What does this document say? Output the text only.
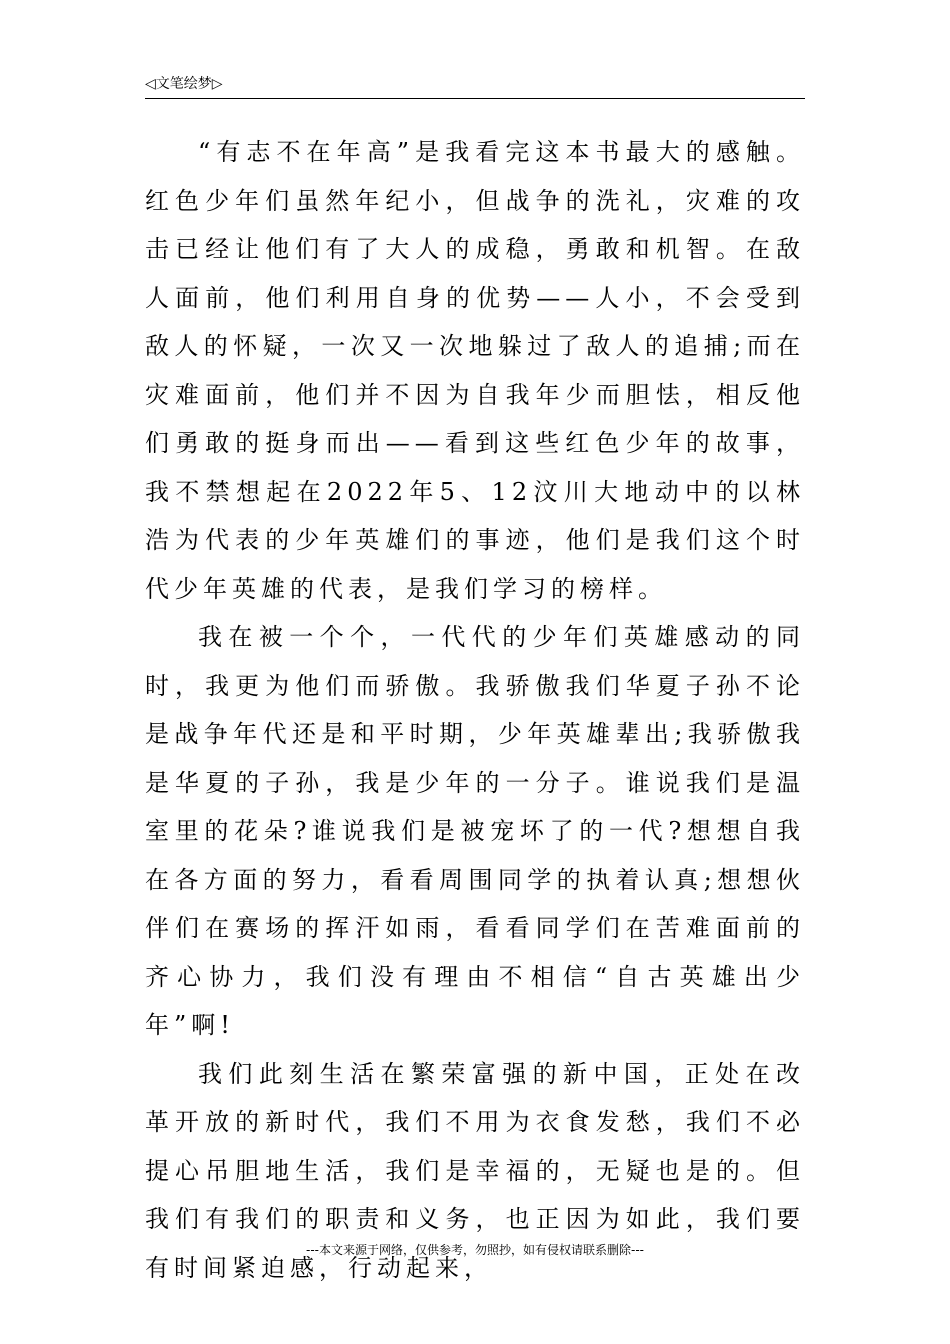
◁文笔绘梦▷

“有志不在年高”是我看完这本书最大的感触。红色少年们虽然年纪小，但战争的洗礼，灾难的攻击已经让他们有了大人的成稳，勇敢和机智。在敌人面前，他们利用自身的优势——人小，不会受到敌人的怀疑，一次又一次地躲过了敌人的追捕;而在灾难面前，他们并不因为自我年少而胆怯，相反他们勇敢的挺身而出——看到这些红色少年的故事，我不禁想起在2022年5、12汶川大地动中的以林浩为代表的少年英雄们的事迹，他们是我们这个时代少年英雄的代表，是我们学习的榜样。

我在被一个个，一代代的少年们英雄感动的同时，我更为他们而骄傲。我骄傲我们华夏子孙不论是战争年代还是和平时期，少年英雄辈出;我骄傲我是华夏的子孙，我是少年的一分子。谁说我们是温室里的花朵?谁说我们是被宠坏了的一代?想想自我在各方面的努力，看看周围同学的执着认真;想想伙伴们在赛场的挥汗如雨，看看同学们在苦难面前的齐心协力，我们没有理由不相信“自古英雄出少年”啊!

我们此刻生活在繁荣富强的新中国，正处在改革开放的新时代，我们不用为衣食发愁，我们不必提心吊胆地生活，我们是幸福的，无疑也是的。但我们有我们的职责和义务，也正因为如此，我们要有时间紧迫感，行动起来，

---本文来源于网络，仅供参考，勿照抄，如有侵权请联系删除---
